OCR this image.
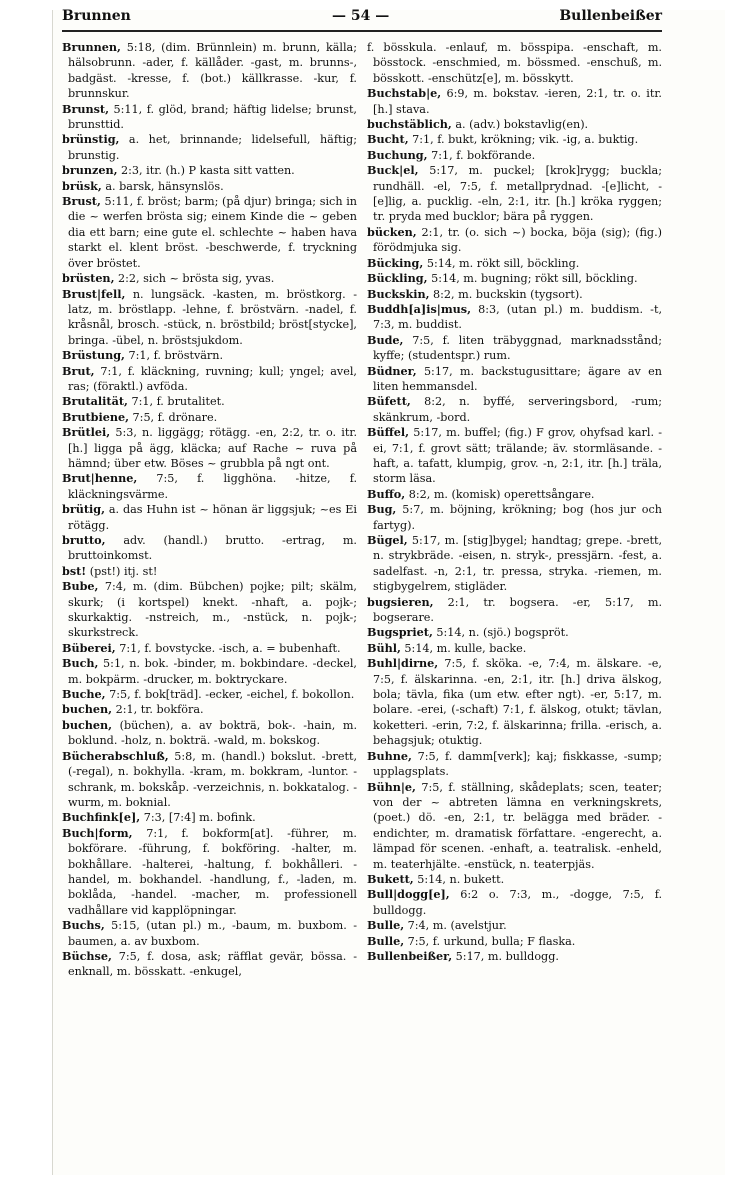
Brunnen	— 54 —	Bullenbeißer
Brunnen, 5:18, (dim. Brünnlein) m. brunn, källa; hälsobrunn. -ader, f. källåder. -gast, m. brunns-, badgäst. -kresse, f. (bot.) källkrasse. -kur, f. brunnskur.
Brunst, 5:11, f. glöd, brand; häftig lidelse; brunst, brunsttid.
brünstig, a. het, brinnande; lidelsefull, häftig; brunstig.
brunzen, 2:3, itr. (h.) P kasta sitt vatten.
brüsk, a. barsk, hänsynslös.
Brust, 5:11, f. bröst; barm; (på djur) bringa; sich in die ~ werfen brösta sig; einem Kinde die ~ geben dia ett barn; eine gute el. schlechte ~ haben hava starkt el. klent bröst. -beschwerde, f. tryckning över bröstet.
brüsten, 2:2, sich ~ brösta sig, yvas.
Brust|fell, n. lungsäck. -kasten, m. bröstkorg. -latz, m. bröstlapp. -lehne, f. bröstvärn. -nadel, f. kråsnål, brosch. -stück, n. bröstbild; bröst[stycke], bringa. -übel, n. bröstsjukdom.
Brüstung, 7:1, f. bröstvärn.
Brut, 7:1, f. kläckning, ruvning; kull; yngel; avel, ras; (föraktl.) avföda.
Brutalität, 7:1, f. brutalitet.
Brutbiene, 7:5, f. drönare.
Brütlei, 5:3, n. liggägg; rötägg. -en, 2:2, tr. o. itr. [h.] ligga på ägg, kläcka; auf Rache ~ ruva på hämnd; über etw. Böses ~ grubbla på ngt ont.
Brut|henne, 7:5, f. ligghöna. -hitze, f. kläckningsvärme.
brütig, a. das Huhn ist ~ hönan är liggsjuk; ~es Ei rötägg.
brutto, adv. (handl.) brutto. -ertrag, m. bruttoinkomst.
bst! (pst!) itj. st!
Bube, 7:4, m. (dim. Bübchen) pojke; pilt; skälm, skurk; (i kortspel) knekt. -nhaft, a. pojk-; skurkaktig. -nstreich, m., -nstück, n. pojk-; skurkstreck.
Büberei, 7:1, f. bovstycke. -isch, a. = bubenhaft.
Buch, 5:1, n. bok. -binder, m. bokbindare. -deckel, m. bokpärm. -drucker, m. boktryckare.
Buche, 7:5, f. bok[träd]. -ecker, -eichel, f. bokollon.
buchen, 2:1, tr. bokföra.
buchen, (büchen), a. av bokträ, bok-. -hain, m. boklund. -holz, n. bokträ. -wald, m. bokskog.
Bücherabschluß, 5:8, m. (handl.) bokslut. -brett, (-regal), n. bokhylla. -kram, m. bokkram, -luntor. -schrank, m. bokskåp. -verzeichnis, n. bokkatalog. -wurm, m. boknial.
Buchfink[e], 7:3, [7:4] m. bofink.
Buch|form, 7:1, f. bokform[at]. -führer, m. bokförare. -führung, f. bokföring. -halter, m. bokhållare. -halterei, -haltung, f. bokhålleri. -handel, m. bokhandel. -handlung, f., -laden, m. boklåda, -handel. -macher, m. professionell vadhållare vid kapplöpningar.
Buchs, 5:15, (utan pl.) m., -baum, m. buxbom. -baumen, a. av buxbom.
Büchse, 7:5, f. dosa, ask; räfflat gevär, bössa. -enknall, m. bösskatt. -enkugel,
f. bösskula. -enlauf, m. bösspipa. -enschaft, m. bösstock. -enschmied, m. bössmed. -enschuß, m. bösskott. -enschütz[e], m. bösskytt.
Buchstab|e, 6:9, m. bokstav. -ieren, 2:1, tr. o. itr. [h.] stava.
buchstäblich, a. (adv.) bokstavlig(en).
Bucht, 7:1, f. bukt, krökning; vik. -ig, a. buktig.
Buchung, 7:1, f. bokförande.
Buck|el, 5:17, m. puckel; [krok]rygg; buckla; rundhäll. -el, 7:5, f. metallprydnad. -[e]licht, -[e]lig, a. pucklig. -eln, 2:1, itr. [h.] kröka ryggen; tr. pryda med bucklor; bära på ryggen.
bücken, 2:1, tr. (o. sich ~) bocka, böja (sig); (fig.) förödmjuka sig.
Bücking, 5:14, m. rökt sill, böckling.
Bückling, 5:14, m. bugning; rökt sill, böckling.
Buckskin, 8:2, m. buckskin (tygsort).
Buddh[a]is|mus, 8:3, (utan pl.) m. buddism. -t, 7:3, m. buddist.
Bude, 7:5, f. liten träbyggnad, marknadsstånd; kyffe; (studentspr.) rum.
Büdner, 5:17, m. backstugusittare; ägare av en liten hemmansdel.
Büfett, 8:2, n. byffé, serveringsbord, -rum; skänkrum, -bord.
Büffel, 5:17, m. buffel; (fig.) F grov, ohyfsad karl. -ei, 7:1, f. grovt sätt; trälande; äv. stormläsande. -haft, a. tafatt, klumpig, grov. -n, 2:1, itr. [h.] träla, storm läsa.
Buffo, 8:2, m. (komisk) operettsångare.
Bug, 5:7, m. böjning, krökning; bog (hos jur och fartyg).
Bügel, 5:17, m. [stig]bygel; handtag; grepe. -brett, n. strykbräde. -eisen, n. stryk-, pressjärn. -fest, a. sadelfast. -n, 2:1, tr. pressa, stryka. -riemen, m. stigbygelrem, stigläder.
bugsieren, 2:1, tr. bogsera. -er, 5:17, m. bogserare.
Bugspriet, 5:14, n. (sjö.) bogspröt.
Bühl, 5:14, m. kulle, backe.
Buhl|dirne, 7:5, f. sköka. -e, 7:4, m. älskare. -e, 7:5, f. älskarinna. -en, 2:1, itr. [h.] driva älskog, bola; tävla, fika (um etw. efter ngt). -er, 5:17, m. bolare. -erei, (-schaft) 7:1, f. älskog, otukt; tävlan, koketteri. -erin, 7:2, f. älskarinna; frilla. -erisch, a. behagsjuk; otuktig.
Buhne, 7:5, f. damm[verk]; kaj; fiskkasse, -sump; upplagsplats.
Bühn|e, 7:5, f. ställning, skådeplats; scen, teater; von der ~ abtreten lämna en verkningskrets, (poet.) dö. -en, 2:1, tr. belägga med bräder. -endichter, m. dramatisk författare. -engerecht, a. lämpad för scenen. -enhaft, a. teatralisk. -enheld, m. teaterhjälte. -enstück, n. teaterpjäs.
Bukett, 5:14, n. bukett.
Bull|dogg[e], 6:2 o. 7:3, m., -dogge, 7:5, f. bulldogg.
Bulle, 7:4, m. (avelstjur.
Bulle, 7:5, f. urkund, bulla; F flaska.
Bullenbeißer, 5:17, m. bulldogg.
